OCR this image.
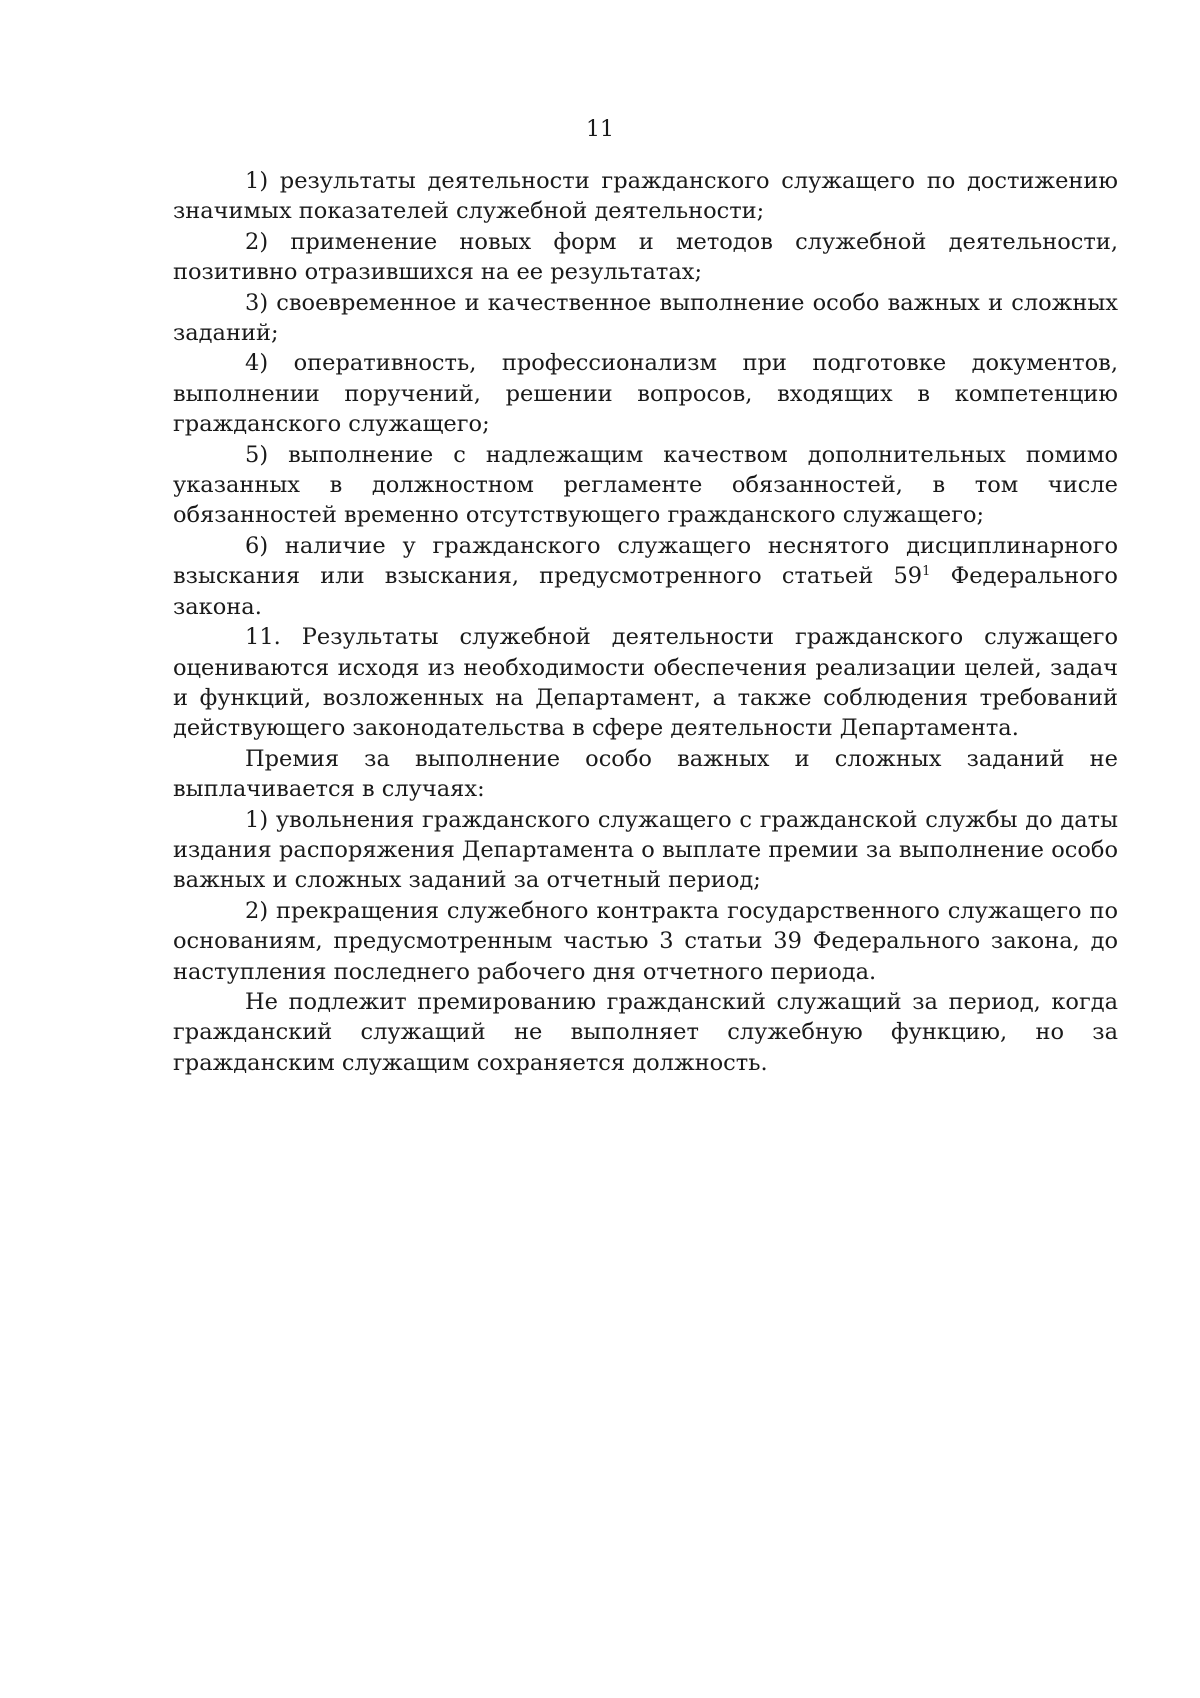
11

1) результаты деятельности гражданского служащего по достижению значимых показателей служебной деятельности;

2) применение новых форм и методов служебной деятельности, позитивно отразившихся на ее результатах;

3) своевременное и качественное выполнение особо важных и сложных заданий;

4) оперативность, профессионализм при подготовке документов, выполнении поручений, решении вопросов, входящих в компетенцию гражданского служащего;

5) выполнение с надлежащим качеством дополнительных помимо указанных в должностном регламенте обязанностей, в том числе обязанностей временно отсутствующего гражданского служащего;

6) наличие у гражданского служащего неснятого дисциплинарного взыскания или взыскания, предусмотренного статьей $59^1$ Федерального закона.

11. Результаты служебной деятельности гражданского служащего оцениваются исходя из необходимости обеспечения реализации целей, задач и функций, возложенных на Департамент, а также соблюдения требований действующего законодательства в сфере деятельности Департамента.

Премия за выполнение особо важных и сложных заданий не выплачивается в случаях:

1) увольнения гражданского служащего с гражданской службы до даты издания распоряжения Департамента о выплате премии за выполнение особо важных и сложных заданий за отчетный период;

2) прекращения служебного контракта государственного служащего по основаниям, предусмотренным частью 3 статьи 39 Федерального закона, до наступления последнего рабочего дня отчетного периода.

Не подлежит премированию гражданский служащий за период, когда гражданский служащий не выполняет служебную функцию, но за гражданским служащим сохраняется должность.
